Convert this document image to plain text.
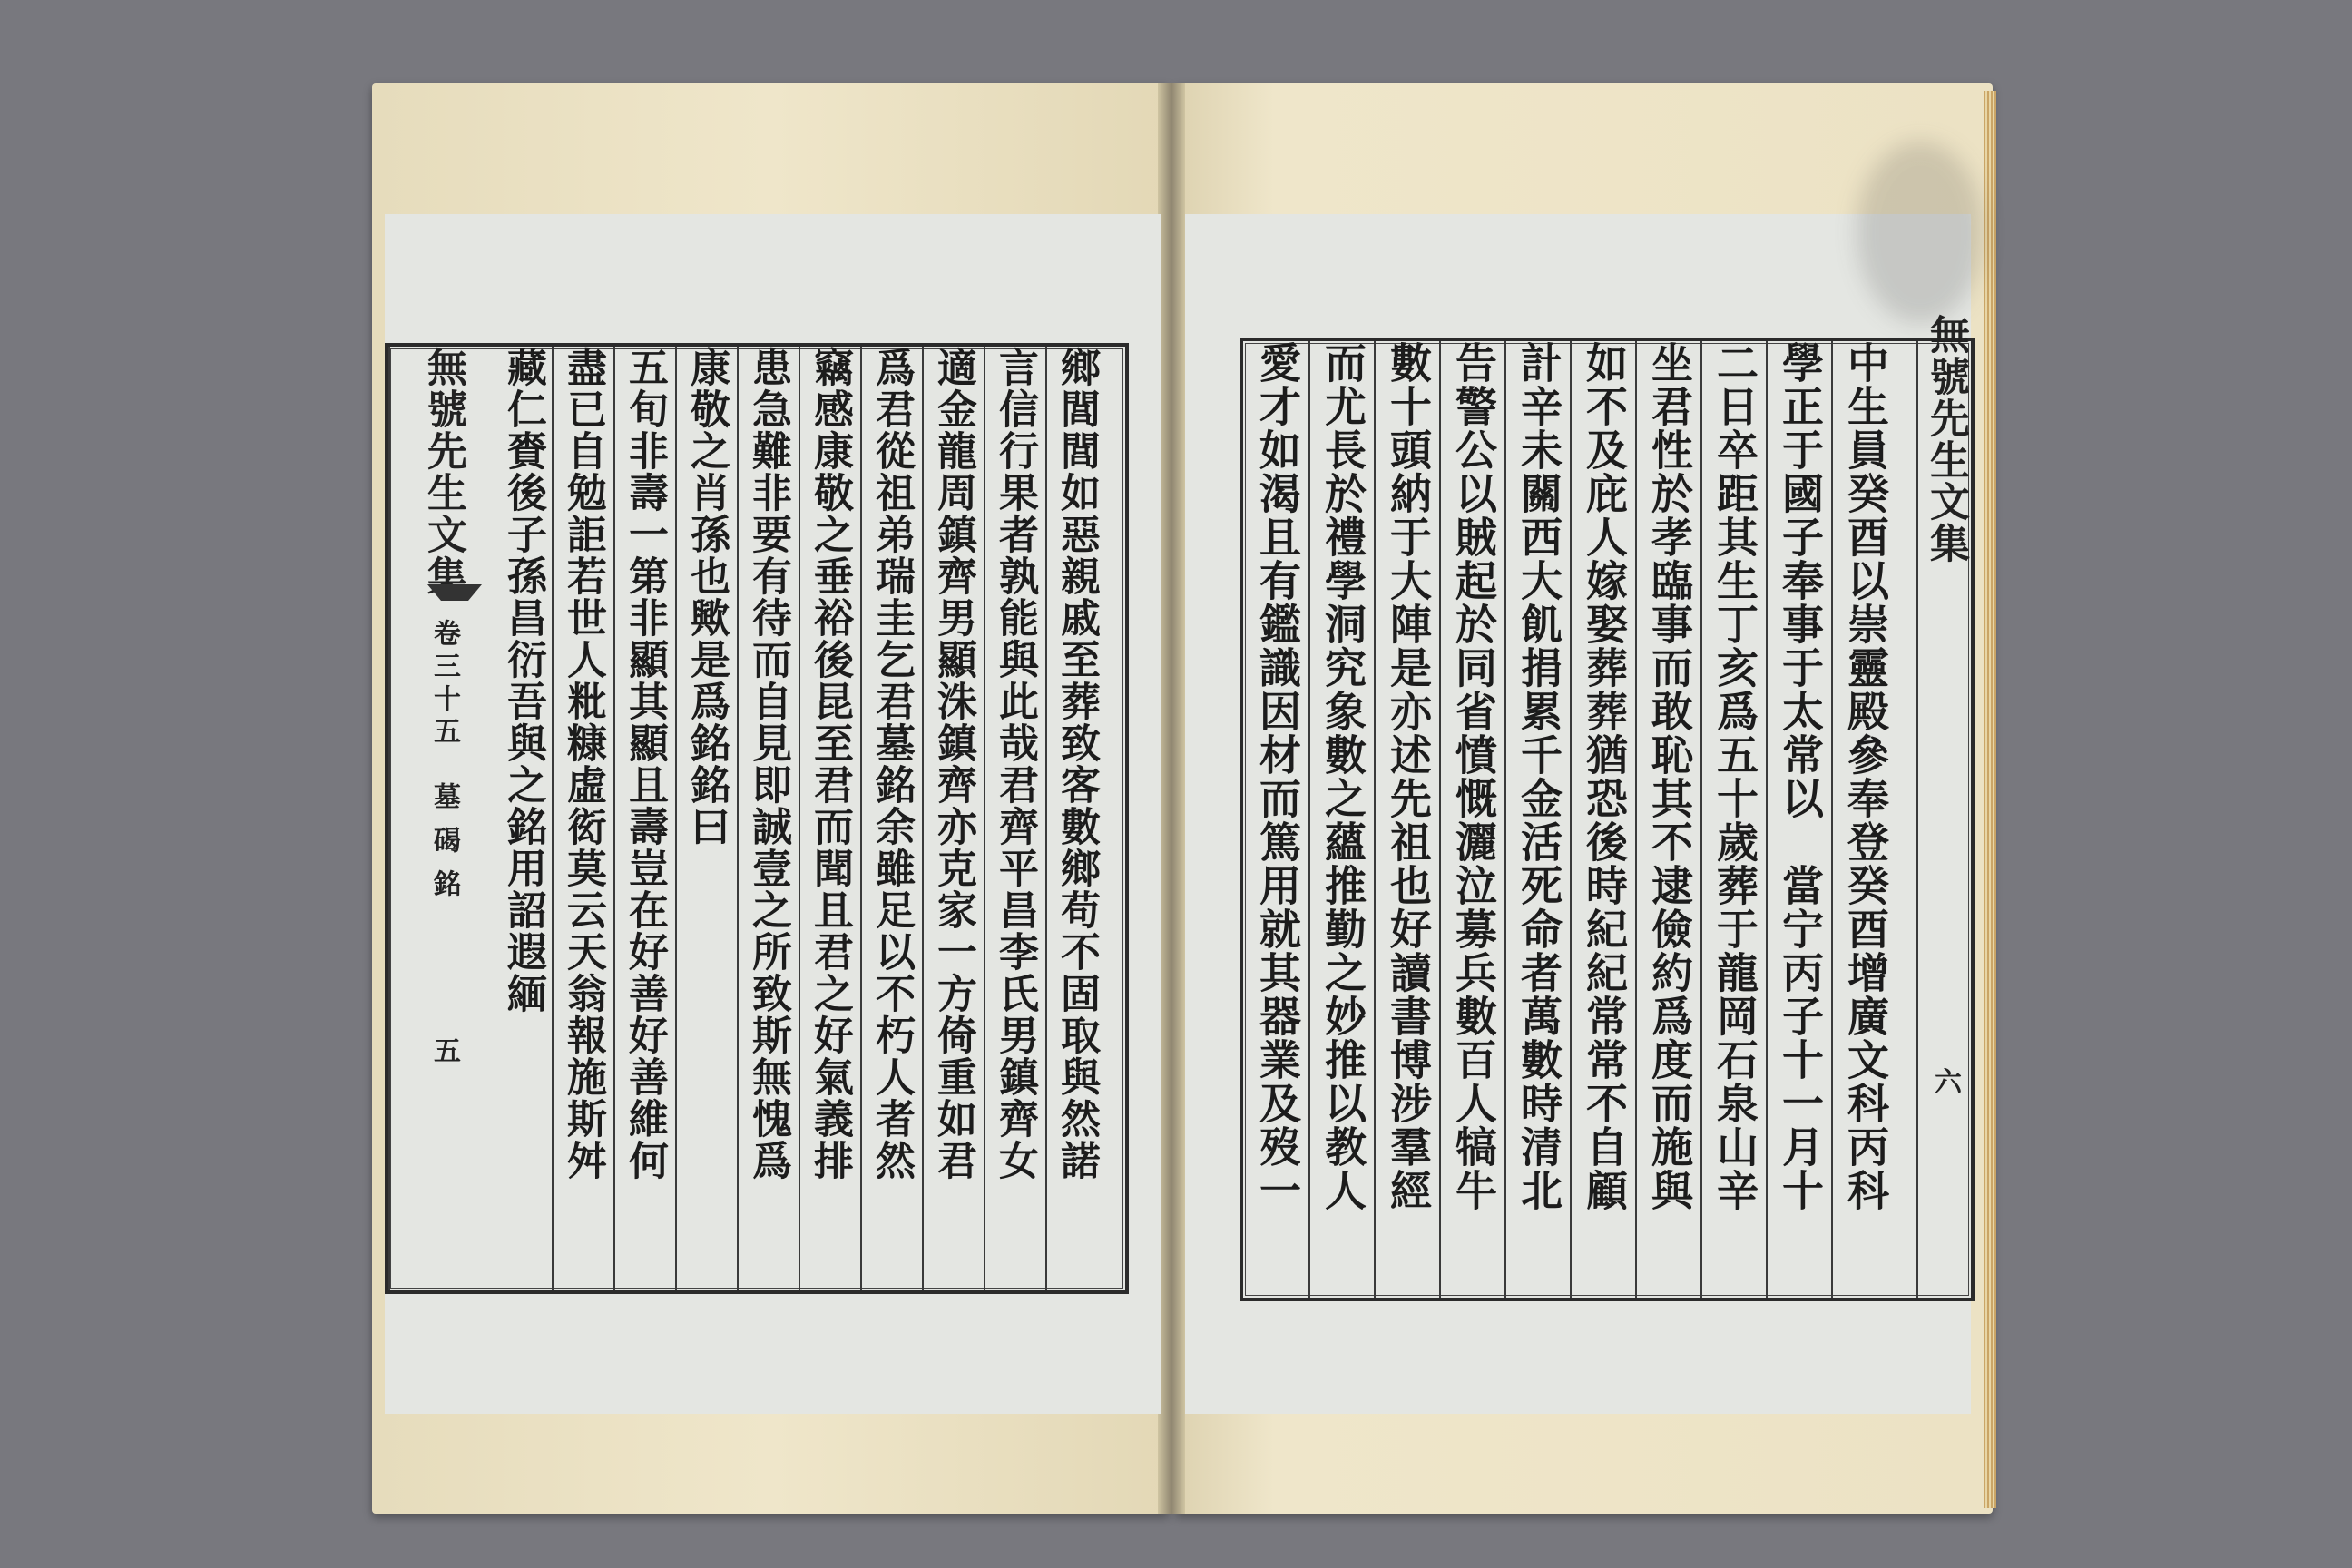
無號先生文集
卷三十五
墓碣銘
五
藏仁賚後子孫昌衍吾與之銘用詔遐緬 盡已自勉詎若世人粃糠虛衒莫云天翁報施斯舛 五旬非壽一第非顯其顯且壽豈在好善好善維何 康敬之肖孫也歟是爲銘銘曰 患急難非要有待而自見即誠壹之所致斯無愧爲 竊感康敬之垂裕後昆至君而聞且君之好氣義排 爲君從祖弟瑞圭乞君墓銘余雖足以不朽人者然 適金龍周鎮齊男顯洙鎮齊亦克家一方倚重如君 言信行果者孰能與此哉君齊平昌李氏男鎮齊女 鄉閭閭如惡親戚至葬致客數鄉苟不固取與然諾	愛才如渴且有鑑識因材而篤用就其器業及歿一 而尤長於禮學洞究象數之蘊推勤之妙推以教人 數十頭納于大陣是亦述先祖也好讀書博涉羣經 告警公以賊起於同省憤慨灑泣募兵數百人犒牛 計辛未關西大飢捐累千金活死命者萬數時清北 如不及庇人嫁娶葬葬猶恐後時紀紀常常不自顧 坐君性於孝臨事而敢恥其不逮儉約爲度而施與 二日卒距其生丁亥爲五十歲葬于龍岡石泉山辛 學正于國子奉事于太常以　當宁丙子十一月十 中生員癸酉以崇靈殿參奉登癸酉增廣文科丙科 無號先生文集
六
